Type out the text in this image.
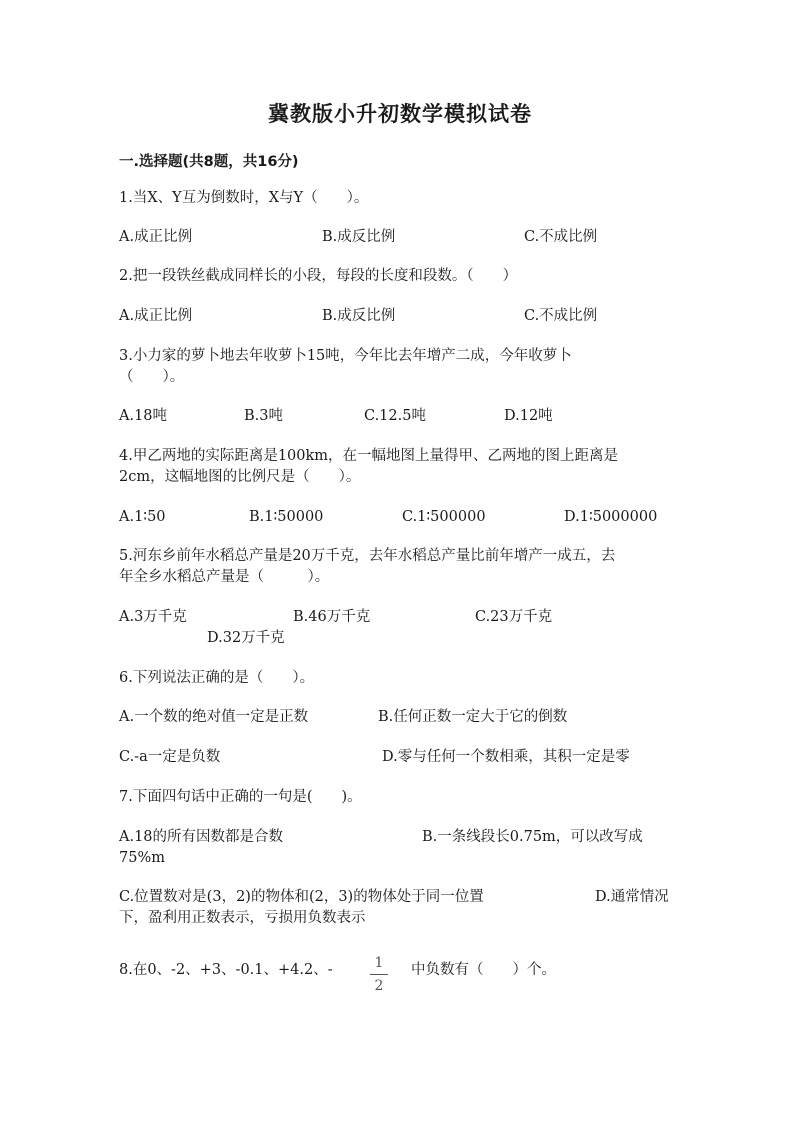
冀教版小升初数学模拟试卷
一.选择题(共8题，共16分)
1.当X、Y互为倒数时，X与Y（　　）。
A.成正比例	B.成反比例	C.不成比例
2.把一段铁丝截成同样长的小段，每段的长度和段数。（　　）
A.成正比例	B.成反比例	C.不成比例
3.小力家的萝卜地去年收萝卜15吨，今年比去年增产二成，今年收萝卜
（　　）。
A.18吨	B.3吨	C.12.5吨	D.12吨
4.甲乙两地的实际距离是100km，在一幅地图上量得甲、乙两地的图上距离是
2cm，这幅地图的比例尺是（　　）。
A.1∶50	B.1∶50000	C.1∶500000	D.1∶5000000
5.河东乡前年水稻总产量是20万千克，去年水稻总产量比前年增产一成五，去
年全乡水稻总产量是（　　　）。
A.3万千克	B.46万千克	C.23万千克
D.32万千克
6.下列说法正确的是（　　）。
A.一个数的绝对值一定是正数	B.任何正数一定大于它的倒数
C.-a一定是负数	D.零与任何一个数相乘，其积一定是零
7.下面四句话中正确的一句是(　　)。
A.18的所有因数都是合数	B.一条线段长0.75m，可以改写成
75%m
C.位置数对是(3，2)的物体和(2，3)的物体处于同一位置	D.通常情况
下，盈利用正数表示，亏损用负数表示
8.在0、-2、+3、-0.1、+4.2、-	1
2
中负数有（　　）个。
